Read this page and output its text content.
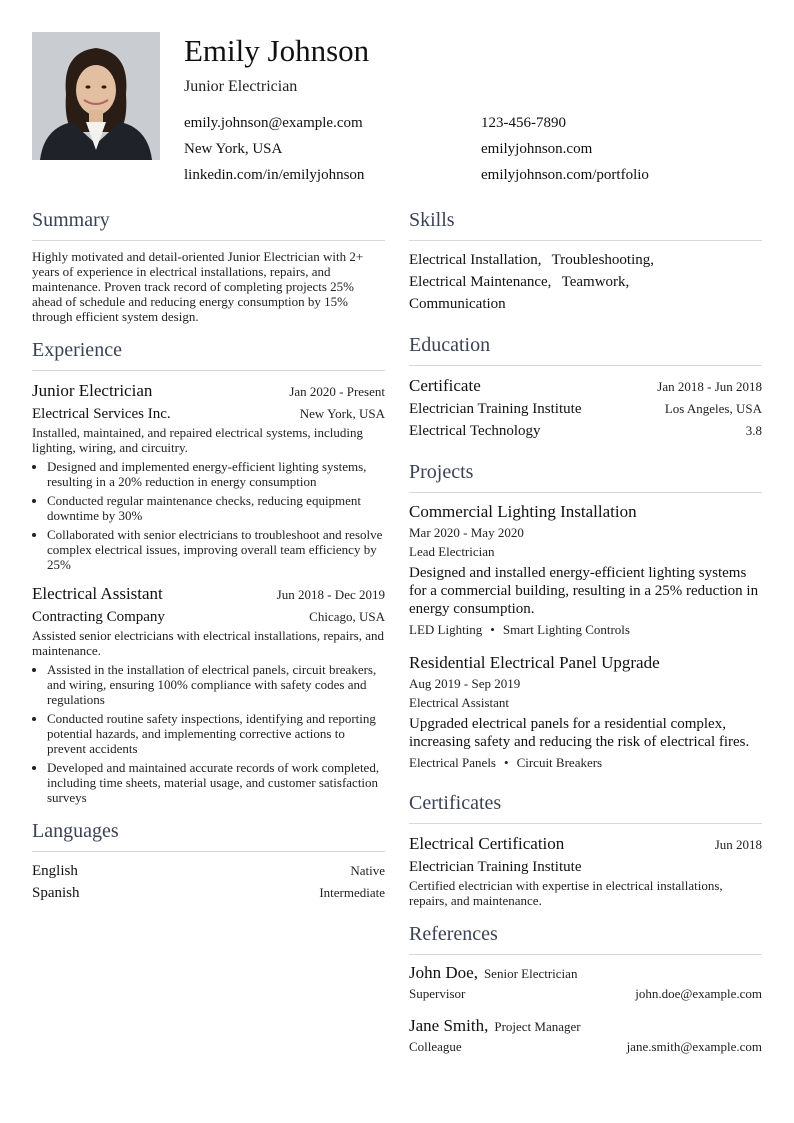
Emily Johnson
Junior Electrician
emily.johnson@example.com	123-456-7890
New York, USA	emilyjohnson.com
linkedin.com/in/emilyjohnson	emilyjohnson.com/portfolio
Summary
Highly motivated and detail-oriented Junior Electrician with 2+ years of experience in electrical installations, repairs, and maintenance. Proven track record of completing projects 25% ahead of schedule and reducing energy consumption by 15% through efficient system design.
Experience
Junior Electrician	Jan 2020 - Present
Electrical Services Inc.	New York, USA
Installed, maintained, and repaired electrical systems, including lighting, wiring, and circuitry.
• Designed and implemented energy-efficient lighting systems, resulting in a 20% reduction in energy consumption
• Conducted regular maintenance checks, reducing equipment downtime by 30%
• Collaborated with senior electricians to troubleshoot and resolve complex electrical issues, improving overall team efficiency by 25%
Electrical Assistant	Jun 2018 - Dec 2019
Contracting Company	Chicago, USA
Assisted senior electricians with electrical installations, repairs, and maintenance.
• Assisted in the installation of electrical panels, circuit breakers, and wiring, ensuring 100% compliance with safety codes and regulations
• Conducted routine safety inspections, identifying and reporting potential hazards, and implementing corrective actions to prevent accidents
• Developed and maintained accurate records of work completed, including time sheets, material usage, and customer satisfaction surveys
Languages
English	Native
Spanish	Intermediate
Skills
Electrical Installation, Troubleshooting,
Electrical Maintenance, Teamwork,
Communication
Education
Certificate	Jan 2018 - Jun 2018
Electrician Training Institute	Los Angeles, USA
Electrical Technology	3.8
Projects
Commercial Lighting Installation
Mar 2020 - May 2020
Lead Electrician
Designed and installed energy-efficient lighting systems for a commercial building, resulting in a 25% reduction in energy consumption.
LED Lighting • Smart Lighting Controls
Residential Electrical Panel Upgrade
Aug 2019 - Sep 2019
Electrical Assistant
Upgraded electrical panels for a residential complex, increasing safety and reducing the risk of electrical fires.
Electrical Panels • Circuit Breakers
Certificates
Electrical Certification	Jun 2018
Electrician Training Institute
Certified electrician with expertise in electrical installations, repairs, and maintenance.
References
John Doe, Senior Electrician
Supervisor	john.doe@example.com
Jane Smith, Project Manager
Colleague	jane.smith@example.com
